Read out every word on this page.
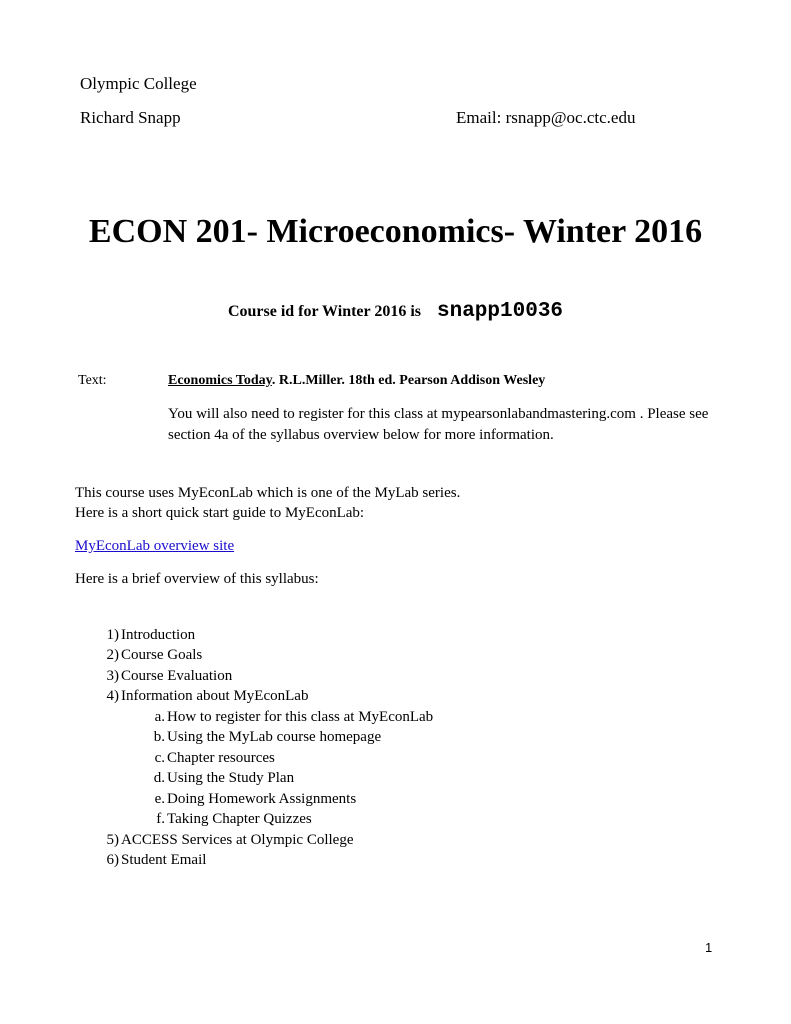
Olympic College
Richard Snapp	Email: rsnapp@oc.ctc.edu
ECON 201- Microeconomics- Winter 2016
Course id for Winter 2016 is snapp10036
Text:	Economics Today. R.L.Miller. 18th ed. Pearson Addison Wesley
You will also need to register for this class at mypearsonlabandmastering.com . Please see section 4a of the syllabus overview below for more information.
This course uses MyEconLab which is one of the MyLab series.
Here is a short quick start guide to MyEconLab:
MyEconLab overview site
Here is a brief overview of this syllabus:
1) Introduction
2) Course Goals
3) Course Evaluation
4) Information about MyEconLab
a. How to register for this class at MyEconLab
b. Using the MyLab course homepage
c. Chapter resources
d. Using the Study Plan
e. Doing Homework Assignments
f. Taking Chapter Quizzes
5) ACCESS Services at Olympic College
6) Student Email
1
